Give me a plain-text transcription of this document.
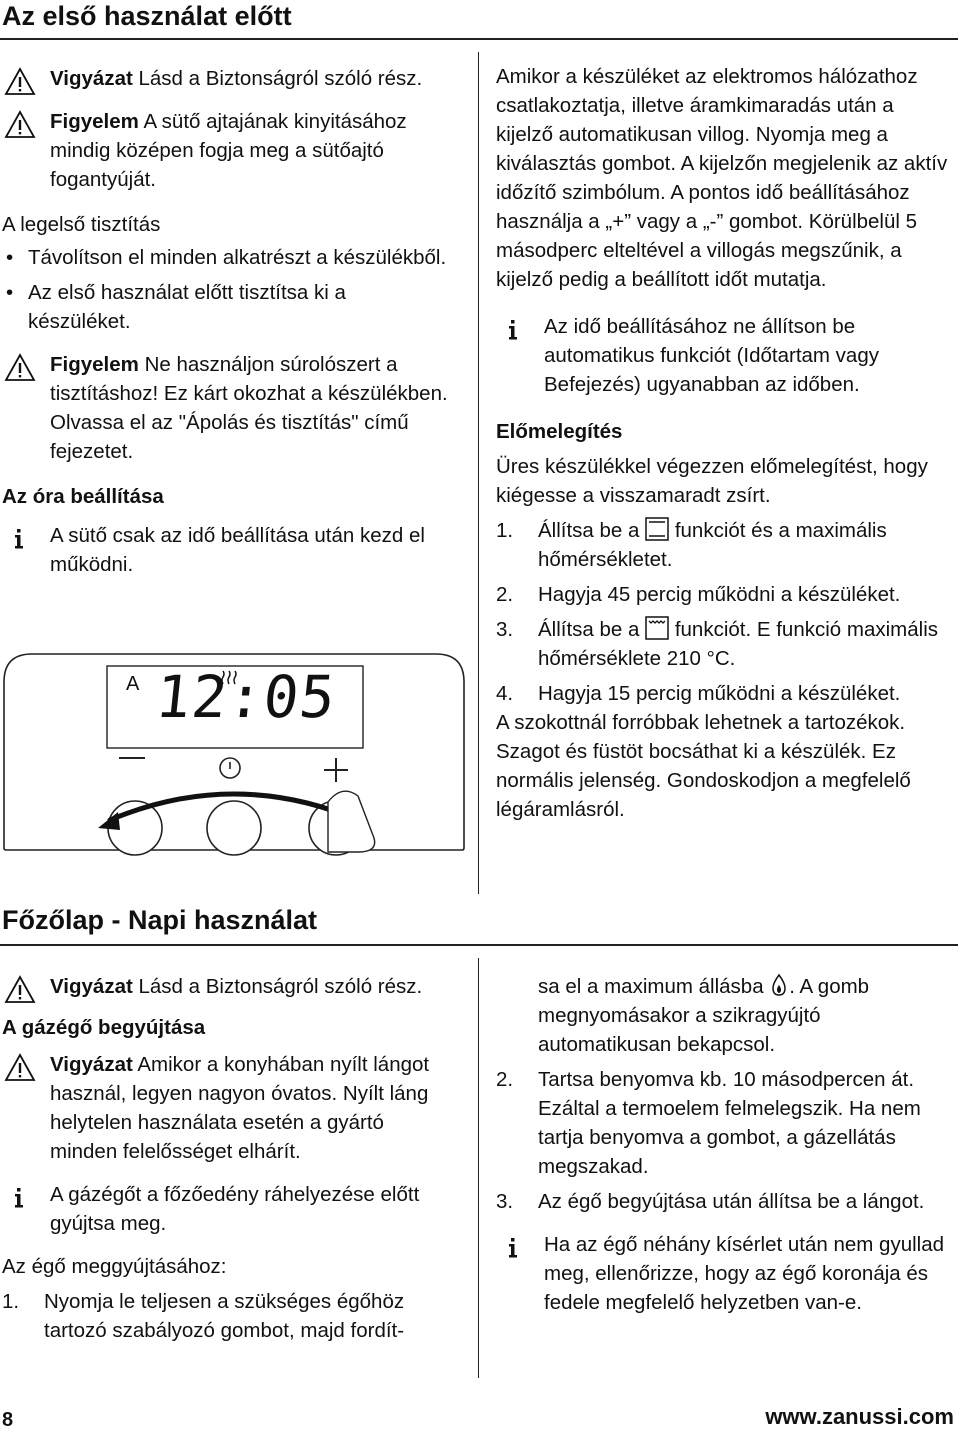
Az első használat előtt
Vigyázat Lásd a Biztonságról szóló rész.
Figyelem A sütő ajtajának kinyitásához mindig középen fogja meg a sütőajtó fogantyúját.

A legelső tisztítás

• Távolítson el minden alkatrészt a készülékből.

• Az első használat előtt tisztítsa ki a készüléket.

Figyelem Ne használjon súrolószert a tisztításhoz! Ez kárt okozhat a készülékben. Olvassa el az "Ápolás és tisztítás" című fejezetet.

Az óra beállítása

A sütő csak az idő beállítása után kezd el működni.
A 12:05

Amikor a készüléket az elektromos hálózathoz csatlakoztatja, illetve áramkimaradás után a kijelző automatikusan villog. Nyomja meg a kiválasztás gombot. A kijelzőn megjelenik az aktív időzítő szimbólum. A pontos idő beállításához használja a „+” vagy a „-” gombot. Körülbelül 5 másodperc elteltével a villogás megszűnik, a kijelző pedig a beállított időt mutatja.

Az idő beállításához ne állítson be automatikus funkciót (Időtartam vagy Befejezés) ugyanabban az időben.

Előmelegítés

Üres készülékkel végezzen előmelegítést, hogy kiégesse a visszamaradt zsírt.

1. Állítsa be a  funkciót és a maximális hőmérsékletet.

2. Hagyja 45 percig működni a készüléket.

3. Állítsa be a  funkciót. E funkció maximális hőmérséklete 210 °C.

4. Hagyja 15 percig működni a készüléket.

A szokottnál forróbbak lehetnek a tartozékok. Szagot és füstöt bocsáthat ki a készülék. Ez normális jelenség. Gondoskodjon a megfelelő légáramlásról.

Főzőlap - Napi használat
Vigyázat Lásd a Biztonságról szóló rész.

A gázégő begyújtása

Vigyázat Amikor a konyhában nyílt lángot használ, legyen nagyon óvatos. Nyílt láng helytelen használata esetén a gyártó minden felelősséget elhárít.
A gázégőt a főzőedény ráhelyezése előtt gyújtsa meg.

Az égő meggyújtásához:

1. Nyomja le teljesen a szükséges égőhöz tartozó szabályozó gombot, majd fordít-

sa el a maximum állásba . A gomb megnyomásakor a szikragyújtó automatikusan bekapcsol.

2. Tartsa benyomva kb. 10 másodpercen át. Ezáltal a termoelem felmelegszik. Ha nem tartja benyomva a gombot, a gázellátás megszakad.

3. Az égő begyújtása után állítsa be a lángot.

Ha az égő néhány kísérlet után nem gyullad meg, ellenőrizze, hogy az égő koronája és fedele megfelelő helyzetben van-e.
8	www.zanussi.com
